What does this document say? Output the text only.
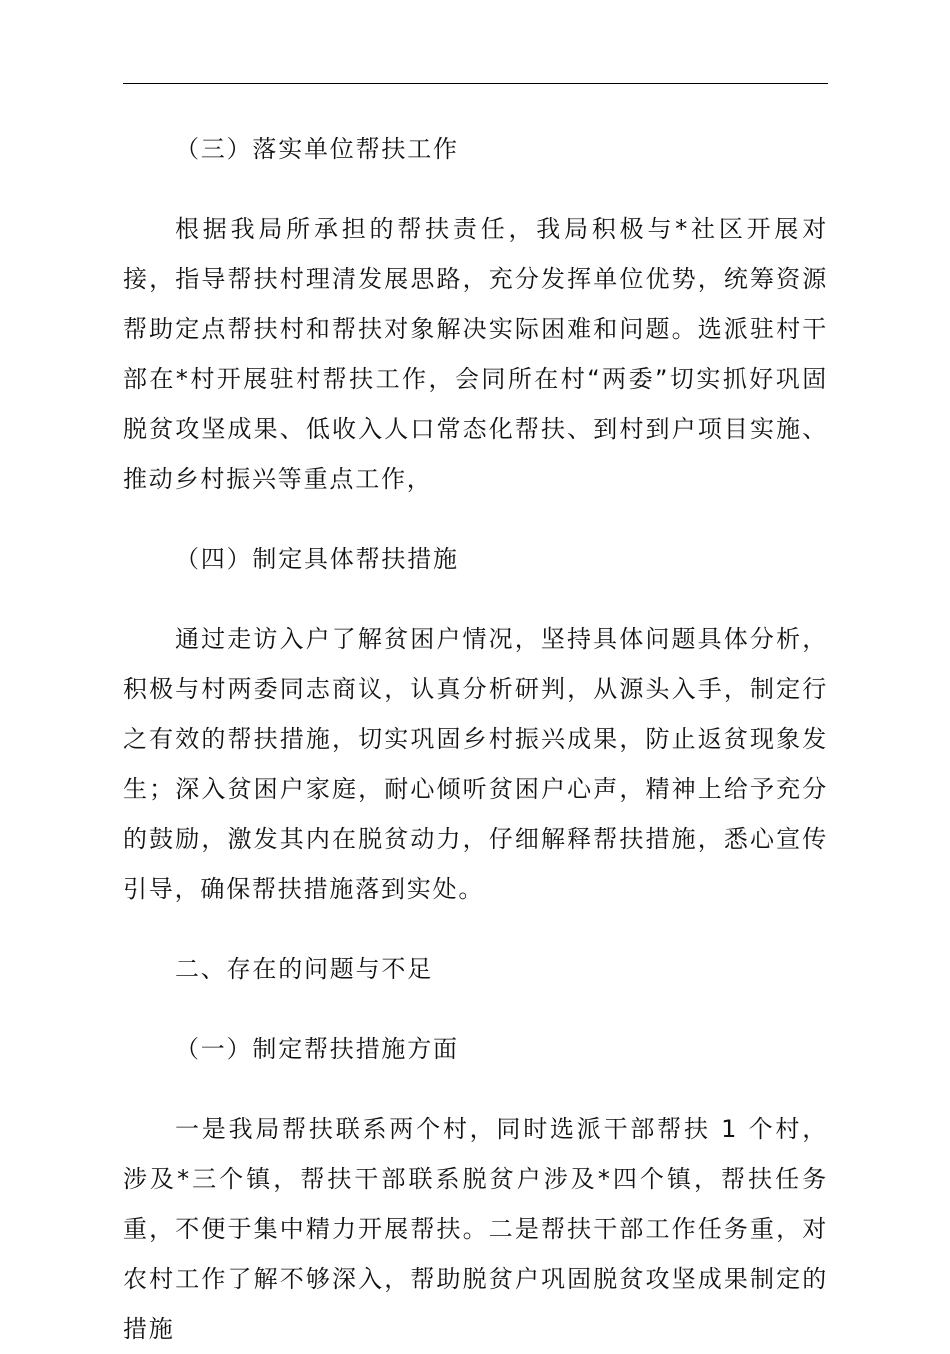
（三）落实单位帮扶工作

根据我局所承担的帮扶责任，我局积极与*社区开展对接，指导帮扶村理清发展思路，充分发挥单位优势，统筹资源帮助定点帮扶村和帮扶对象解决实际困难和问题。选派驻村干部在*村开展驻村帮扶工作，会同所在村“两委”切实抓好巩固脱贫攻坚成果、低收入人口常态化帮扶、到村到户项目实施、推动乡村振兴等重点工作，

（四）制定具体帮扶措施

通过走访入户了解贫困户情况，坚持具体问题具体分析，积极与村两委同志商议，认真分析研判，从源头入手，制定行之有效的帮扶措施，切实巩固乡村振兴成果，防止返贫现象发生；深入贫困户家庭，耐心倾听贫困户心声，精神上给予充分的鼓励，激发其内在脱贫动力，仔细解释帮扶措施，悉心宣传引导，确保帮扶措施落到实处。

二、存在的问题与不足

（一）制定帮扶措施方面

一是我局帮扶联系两个村，同时选派干部帮扶 1 个村，涉及*三个镇，帮扶干部联系脱贫户涉及*四个镇，帮扶任务重，不便于集中精力开展帮扶。二是帮扶干部工作任务重，对农村工作了解不够深入，帮助脱贫户巩固脱贫攻坚成果制定的措施
